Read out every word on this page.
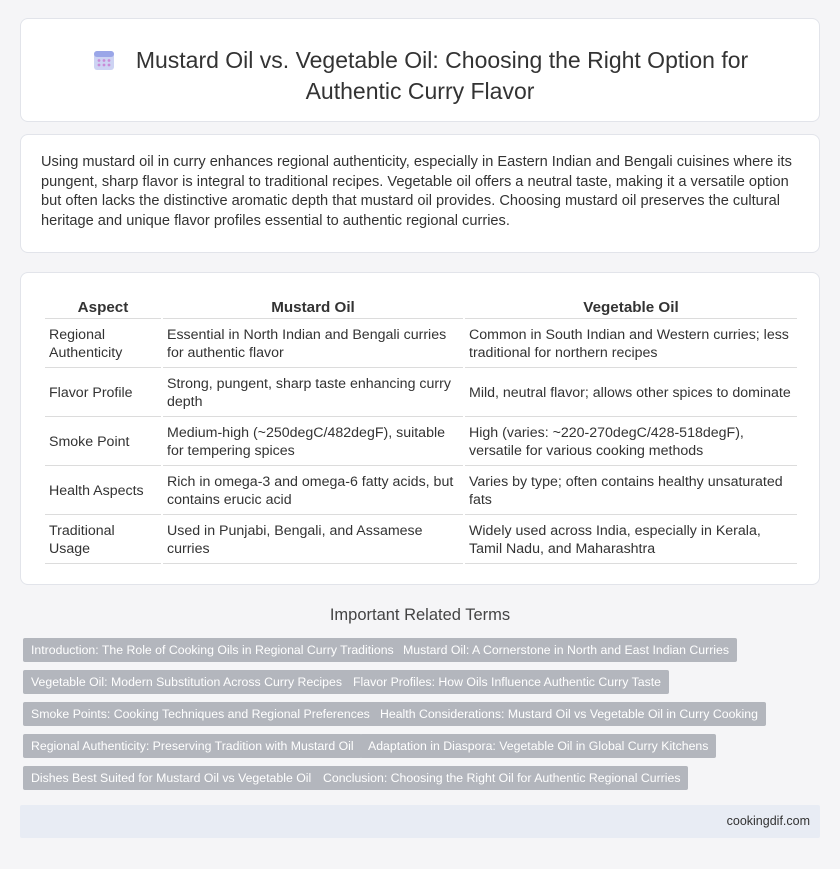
Mustard Oil vs. Vegetable Oil: Choosing the Right Option for Authentic Curry Flavor

Using mustard oil in curry enhances regional authenticity, especially in Eastern Indian and Bengali cuisines where its pungent, sharp flavor is integral to traditional recipes. Vegetable oil offers a neutral taste, making it a versatile option but often lacks the distinctive aromatic depth that mustard oil provides. Choosing mustard oil preserves the cultural heritage and unique flavor profiles essential to authentic regional curries.

Aspect	Mustard Oil	Vegetable Oil
Regional Authenticity	Essential in North Indian and Bengali curries for authentic flavor	Common in South Indian and Western curries; less traditional for northern recipes
Flavor Profile	Strong, pungent, sharp taste enhancing curry depth	Mild, neutral flavor; allows other spices to dominate
Smoke Point	Medium-high (~250degC/482degF), suitable for tempering spices	High (varies: ~220-270degC/428-518degF), versatile for various cooking methods
Health Aspects	Rich in omega-3 and omega-6 fatty acids, but contains erucic acid	Varies by type; often contains healthy unsaturated fats
Traditional Usage	Used in Punjabi, Bengali, and Assamese curries	Widely used across India, especially in Kerala, Tamil Nadu, and Maharashtra
Important Related Terms
Introduction: The Role of Cooking Oils in Regional Curry Traditions Mustard Oil: A Cornerstone in North and East Indian Curries
Vegetable Oil: Modern Substitution Across Curry Recipes Flavor Profiles: How Oils Influence Authentic Curry Taste
Smoke Points: Cooking Techniques and Regional Preferences Health Considerations: Mustard Oil vs Vegetable Oil in Curry Cooking
Regional Authenticity: Preserving Tradition with Mustard Oil	Adaptation in Diaspora: Vegetable Oil in Global Curry Kitchens
Dishes Best Suited for Mustard Oil vs Vegetable Oil Conclusion: Choosing the Right Oil for Authentic Regional Curries
cookingdif.com
